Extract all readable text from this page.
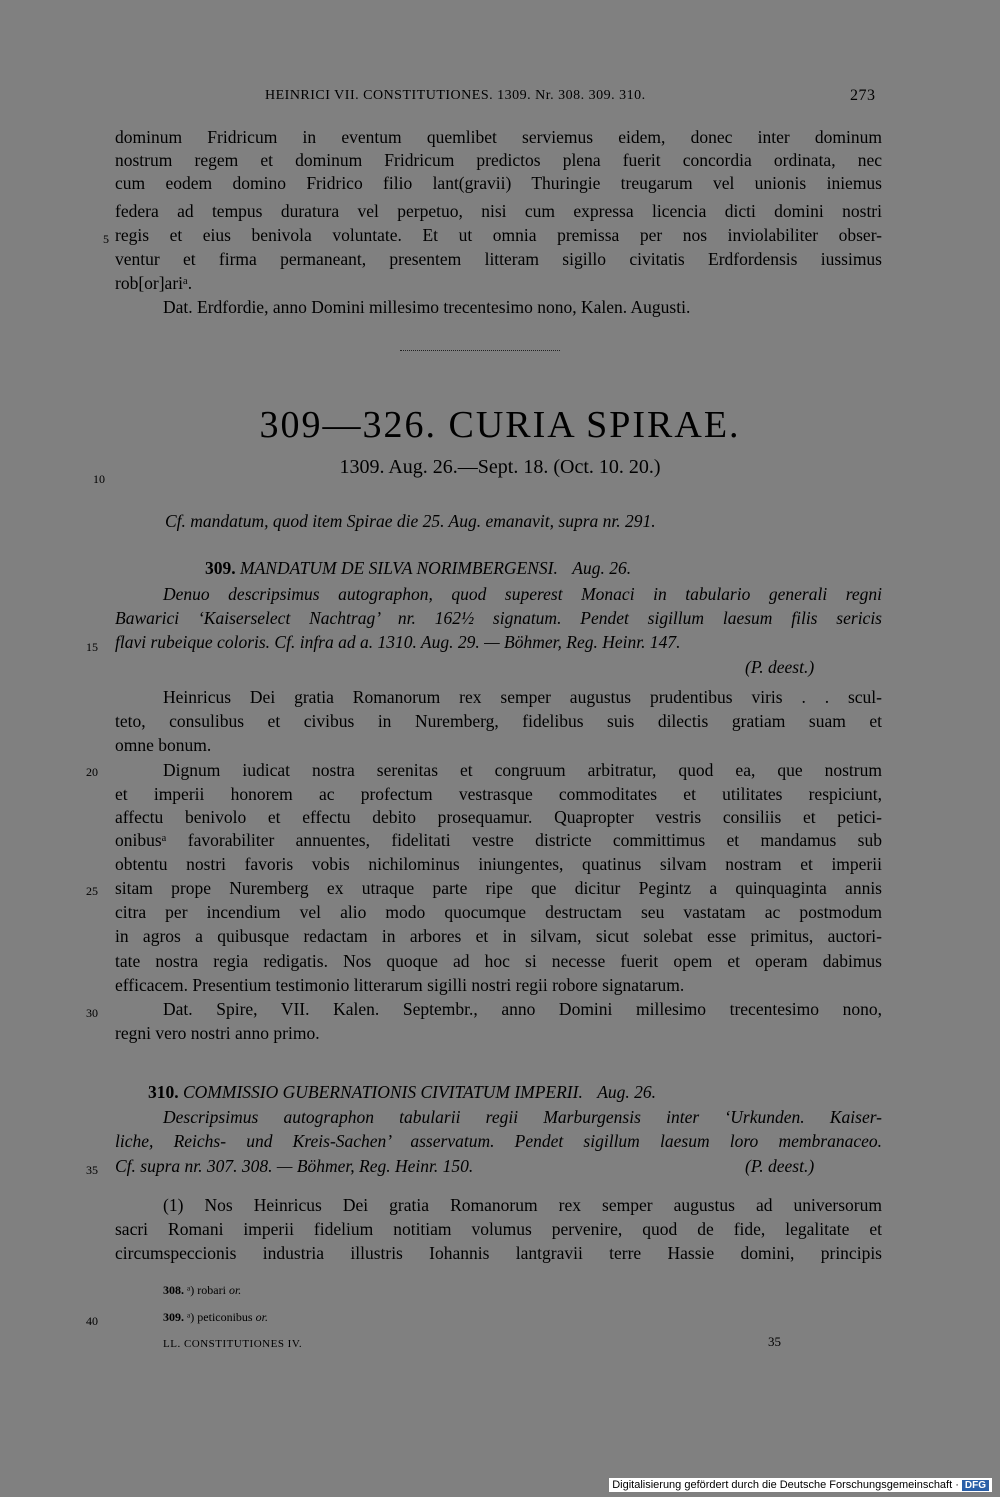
HEINRICI VII. CONSTITUTIONES. 1309. Nr. 308. 309. 310.	273
dominum Fridricum in eventum quemlibet serviemus eidem, donec inter dominum
nostrum regem et dominum Fridricum predictos plena fuerit concordia ordinata, nec
cum eodem domino Fridrico filio lant(gravii) Thuringie treugarum vel unionis iniemus
federa ad tempus duratura vel perpetuo, nisi cum expressa licencia dicti domini nostri
regis et eius benivola voluntate. Et ut omnia premissa per nos inviolabiliter obser-
ventur et firma permaneant, presentem litteram sigillo civitatis Erdfordensis iussimus
rob[or]ariᵃ.
Dat. Erdfordie, anno Domini millesimo trecentesimo nono, Kalen. Augusti.
5
309—326. CURIA SPIRAE.
1309. Aug. 26.—Sept. 18. (Oct. 10. 20.)
10
Cf. mandatum, quod item Spirae die 25. Aug. emanavit, supra nr. 291.
309. MANDATUM DE SILVA NORIMBERGENSI. Aug. 26.
Denuo descripsimus autographon, quod superest Monaci in tabulario generali regni
Bawarici ‘Kaiserselect Nachtrag’ nr. 162½ signatum. Pendet sigillum laesum filis sericis
flavi rubeique coloris. Cf. infra ad a. 1310. Aug. 29. — Böhmer, Reg. Heinr. 147.
(P. deest.)
15
Heinricus Dei gratia Romanorum rex semper augustus prudentibus viris . . scul-
teto, consulibus et civibus in Nuremberg, fidelibus suis dilectis gratiam suam et
omne bonum.
Dignum iudicat nostra serenitas et congruum arbitratur, quod ea, que nostrum
et imperii honorem ac profectum vestrasque commoditates et utilitates respiciunt,
affectu benivolo et effectu debito prosequamur. Quapropter vestris consiliis et petici-
onibusᵃ favorabiliter annuentes, fidelitati vestre districte committimus et mandamus sub
obtentu nostri favoris vobis nichilominus iniungentes, quatinus silvam nostram et imperii
sitam prope Nuremberg ex utraque parte ripe que dicitur Pegintz a quinquaginta annis
citra per incendium vel alio modo quocumque destructam seu vastatam ac postmodum
in agros a quibusque redactam in arbores et in silvam, sicut solebat esse primitus, auctori-
tate nostra regia redigatis. Nos quoque ad hoc si necesse fuerit opem et operam dabimus
efficacem. Presentium testimonio litterarum sigilli nostri regii robore signatarum.
Dat. Spire, VII. Kalen. Septembr., anno Domini millesimo trecentesimo nono,
regni vero nostri anno primo.
20
25
30
310. COMMISSIO GUBERNATIONIS CIVITATUM IMPERII. Aug. 26.
Descripsimus autographon tabularii regii Marburgensis inter ‘Urkunden. Kaiser-
liche, Reichs- und Kreis-Sachen’ asservatum. Pendet sigillum laesum loro membranaceo.
Cf. supra nr. 307. 308. — Böhmer, Reg. Heinr. 150.	(P. deest.)
35
(1) Nos Heinricus Dei gratia Romanorum rex semper augustus ad universorum
sacri Romani imperii fidelium notitiam volumus pervenire, quod de fide, legalitate et
circumspeccionis industria illustris Iohannis lantgravii terre Hassie domini, principis
308. ᵃ) robari or.
309. ᵃ) peticonibus or.
40
LL. CONSTITUTIONES IV.	35
Digitalisierung gefördert durch die Deutsche Forschungsgemeinschaft · DFG
